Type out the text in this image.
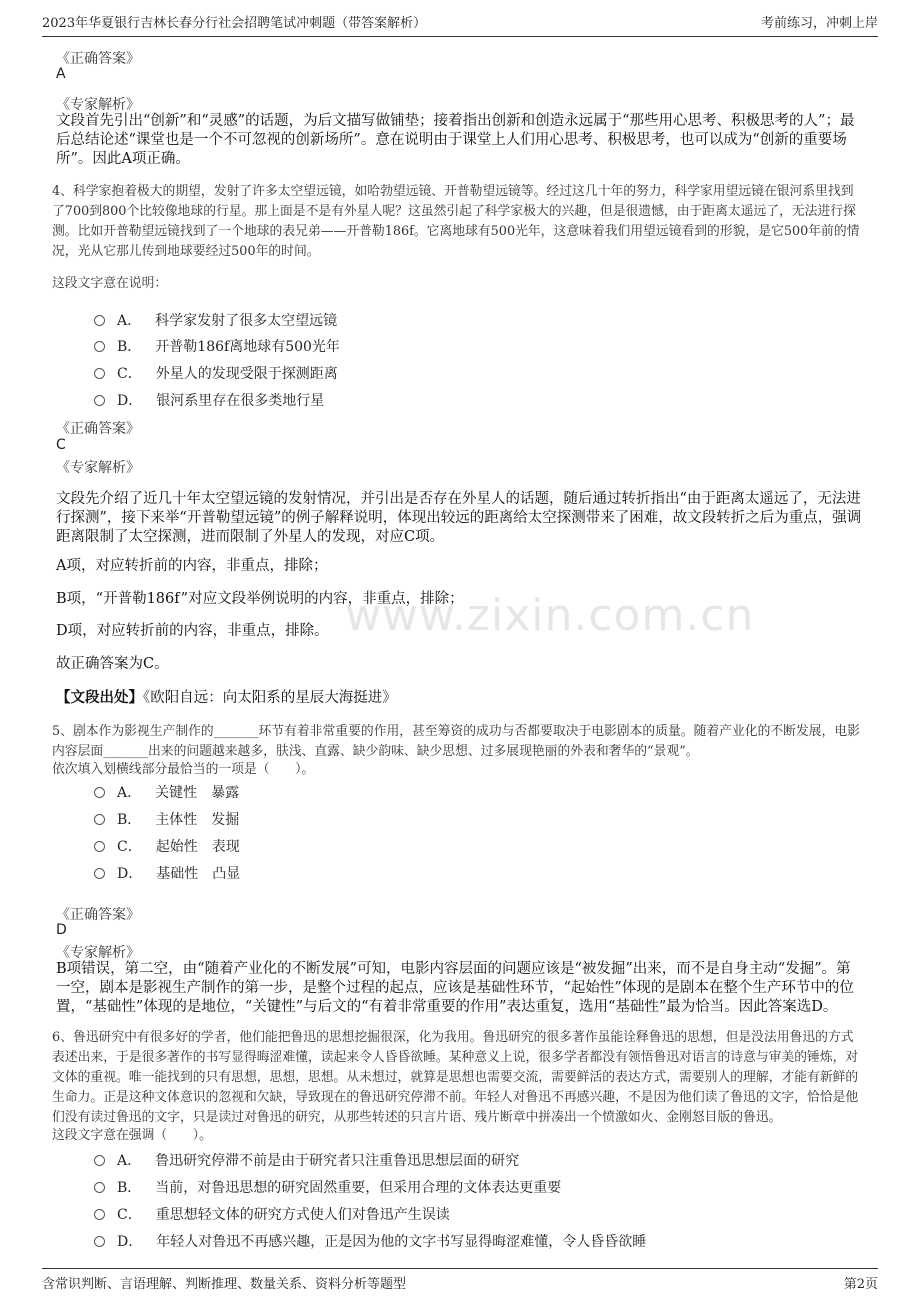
2023年华夏银行吉林长春分行社会招聘笔试冲刺题（带答案解析）	考前练习，冲刺上岸
www.zixin.com.cn
《正确答案》
A
《专家解析》
文段首先引出“创新”和“灵感”的话题，为后文描写做铺垫；接着指出创新和创造永远属于“那些用心思考、积极思考的人”；最后总结论述“课堂也是一个不可忽视的创新场所”。意在说明由于课堂上人们用心思考、积极思考，也可以成为“创新的重要场所”。因此A项正确。
4、科学家抱着极大的期望，发射了许多太空望远镜，如哈勃望远镜、开普勒望远镜等。经过这几十年的努力，科学家用望远镜在银河系里找到了700到800个比较像地球的行星。那上面是不是有外星人呢？这虽然引起了科学家极大的兴趣，但是很遗憾，由于距离太遥远了，无法进行探测。比如开普勒望远镜找到了一个地球的表兄弟——开普勒186f。它离地球有500光年，这意味着我们用望远镜看到的形貌，是它500年前的情况，光从它那儿传到地球要经过500年的时间。
这段文字意在说明：
A． 科学家发射了很多太空望远镜
B． 开普勒186f离地球有500光年
C． 外星人的发现受限于探测距离
D． 银河系里存在很多类地行星
《正确答案》
C
《专家解析》
文段先介绍了近几十年太空望远镜的发射情况，并引出是否存在外星人的话题，随后通过转折指出“由于距离太遥远了，无法进行探测”，接下来举“开普勒望远镜”的例子解释说明，体现出较远的距离给太空探测带来了困难，故文段转折之后为重点，强调距离限制了太空探测，进而限制了外星人的发现，对应C项。
A项，对应转折前的内容，非重点，排除；
B项，“开普勒186f”对应文段举例说明的内容，非重点，排除；
D项，对应转折前的内容，非重点，排除。
故正确答案为C。
【文段出处】《欧阳自远：向太阳系的星辰大海挺进》
5、剧本作为影视生产制作的_______环节有着非常重要的作用，甚至筹资的成功与否都要取决于电影剧本的质量。随着产业化的不断发展，电影内容层面_______出来的问题越来越多，肤浅、直露、缺少韵味、缺少思想、过多展现艳丽的外表和奢华的“景观”。
依次填入划横线部分最恰当的一项是（　　）。
A． 关键性 暴露
B． 主体性 发掘
C． 起始性 表现
D． 基础性 凸显
《正确答案》
D
《专家解析》
B项错误，第二空，由“随着产业化的不断发展”可知，电影内容层面的问题应该是“被发掘”出来，而不是自身主动“发掘”。第一空，剧本是影视生产制作的第一步，是整个过程的起点，应该是基础性环节，“起始性”体现的是剧本在整个生产环节中的位置，“基础性”体现的是地位，“关键性”与后文的“有着非常重要的作用”表达重复，选用“基础性”最为恰当。因此答案选D。
6、鲁迅研究中有很多好的学者，他们能把鲁迅的思想挖掘很深，化为我用。鲁迅研究的很多著作虽能诠释鲁迅的思想，但是没法用鲁迅的方式表述出来，于是很多著作的书写显得晦涩难懂，读起来令人昏昏欲睡。某种意义上说，很多学者都没有领悟鲁迅对语言的诗意与审美的锤炼，对文体的重视。唯一能找到的只有思想，思想，思想。从未想过，就算是思想也需要交流，需要鲜活的表达方式，需要别人的理解，才能有新鲜的生命力。正是这种文体意识的忽视和欠缺，导致现在的鲁迅研究停滞不前。年轻人对鲁迅不再感兴趣，不是因为他们读了鲁迅的文字，恰恰是他们没有读过鲁迅的文字，只是读过对鲁迅的研究，从那些转述的只言片语、残片断章中拼凑出一个愤激如火、金刚怒目版的鲁迅。
这段文字意在强调（　　）。
A． 鲁迅研究停滞不前是由于研究者只注重鲁迅思想层面的研究
B． 当前，对鲁迅思想的研究固然重要，但采用合理的文体表达更重要
C． 重思想轻文体的研究方式使人们对鲁迅产生误读
D． 年轻人对鲁迅不再感兴趣，正是因为他的文字书写显得晦涩难懂，令人昏昏欲睡
含常识判断、言语理解、判断推理、数量关系、资料分析等题型	第2页
